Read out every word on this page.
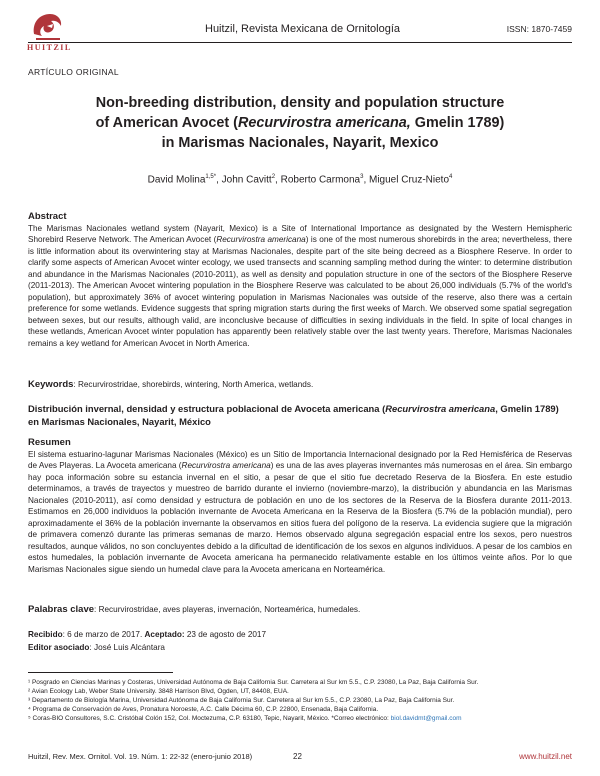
HUITZIL
Huitzil, Revista Mexicana de Ornitología	ISSN: 1870-7459
ARTÍCULO ORIGINAL
Non-breeding distribution, density and population structure
of American Avocet (Recurvirostra americana, Gmelin 1789)
in Marismas Nacionales, Nayarit, Mexico
David Molina$^{1,5*}$, John Cavitt$^2$, Roberto Carmona$^3$, Miguel Cruz-Nieto$^4$
Abstract

The Marismas Nacionales wetland system (Nayarit, Mexico) is a Site of International Importance as designated by the Western Hemispheric Shorebird Reserve Network. The American Avocet (Recurvirostra americana) is one of the most numerous shorebirds in the area; nevertheless, there is little information about its overwintering stay at Marismas Nacionales, despite part of the site being decreed as a Biosphere Reserve. In order to clarify some aspects of American Avocet winter ecology, we used transects and scanning sampling method during the winter: to determine distribution and abundance in the Marismas Nacionales (2010-2011), as well as density and population structure in one of the sectors of the Biosphere Reserve (2011-2013). The American Avocet wintering population in the Biosphere Reserve was calculated to be about 26,000 individuals (5.7% of the world's population), but approximately 36% of avocet wintering population in Marismas Nacionales was outside of the reserve, also there was a certain preference for some wetlands. Evidence suggests that spring migration starts during the first weeks of March. We observed some spatial segregation between sexes, but our results, although valid, are inconclusive because of difficulties in sexing individuals in the field. In spite of local changes in these wetlands, American Avocet winter population has apparently been relatively stable over the last twenty years. Therefore, Marismas Nacionales remains a key wetland for American Avocet in North America.

Keywords: Recurvirostridae, shorebirds, wintering, North America, wetlands.
Distribución invernal, densidad y estructura poblacional de Avoceta americana (Recurvirostra americana, Gmelin 1789) en Marismas Nacionales, Nayarit, México
Resumen

El sistema estuarino-lagunar Marismas Nacionales (México) es un Sitio de Importancia Internacional designado por la Red Hemisférica de Reservas de Aves Playeras. La Avoceta americana (Recurvirostra americana) es una de las aves playeras invernantes más numerosas en el área. Sin embargo hay poca información sobre su estancia invernal en el sitio, a pesar de que el sitio fue decretado Reserva de la Biosfera. En este estudio determinamos, a través de trayectos y muestreo de barrido durante el invierno (noviembre-marzo), la distribución y abundancia en las Marismas Nacionales (2010-2011), así como densidad y estructura de población en uno de los sectores de la Reserva de la Biosfera durante 2011-2013. Estimamos en 26,000 individuos la población invernante de Avoceta Americana en la Reserva de la Biosfera (5.7% de la población mundial), pero aproximadamente el 36% de la población invernante la observamos en sitios fuera del polígono de la reserva. La evidencia sugiere que la migración de primavera comenzó durante las primeras semanas de marzo. Hemos observado alguna segregación espacial entre los sexos, pero nuestros resultados, aunque válidos, no son concluyentes debido a la dificultad de identificación de los sexos en algunos individuos. A pesar de los cambios en estos humedales, la población invernante de Avoceta americana ha permanecido relativamente estable en los últimos veinte años. Por lo que Marismas Nacionales sigue siendo un humedal clave para la Avoceta americana en Norteamérica.

Palabras clave: Recurvirostridae, aves playeras, invernación, Norteamérica, humedales.
Recibido: 6 de marzo de 2017. Aceptado: 23 de agosto de 2017
Editor asociado: José Luis Alcántara
¹ Posgrado en Ciencias Marinas y Costeras, Universidad Autónoma de Baja California Sur. Carretera al Sur km 5.5., C.P. 23080, La Paz, Baja California Sur.
² Avian Ecology Lab, Weber State University. 3848 Harrison Blvd, Ogden, UT, 84408, EUA.
³ Departamento de Biología Marina, Universidad Autónoma de Baja California Sur. Carretera al Sur km 5.5., C.P. 23080, La Paz, Baja California Sur.
⁴ Programa de Conservación de Aves, Pronatura Noroeste, A.C. Calle Décima 60, C.P. 22800, Ensenada, Baja California.
⁵ Coras-BIO Consultores, S.C. Cristóbal Colón 152, Col. Moctezuma, C.P. 63180, Tepic, Nayarit, México. *Correo electrónico: biol.davidmt@gmail.com
Huitzil, Rev. Mex. Ornitol. Vol. 19. Núm. 1: 22-32 (enero-junio 2018)	22	www.huitzil.net
